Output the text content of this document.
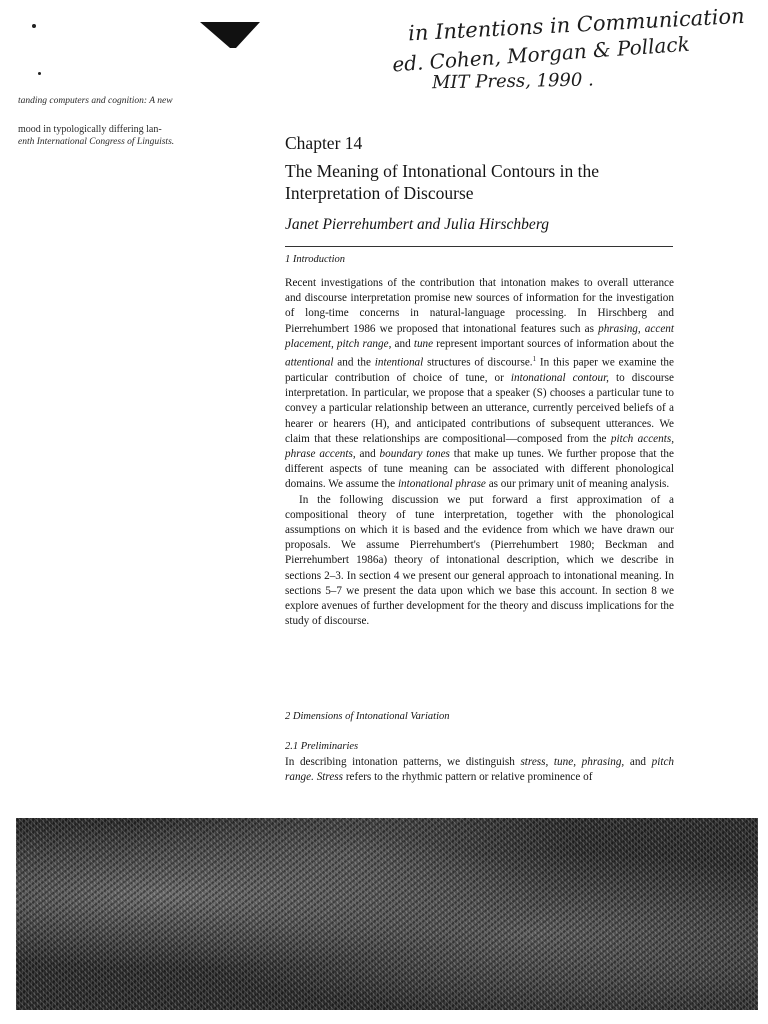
in Intentions in Communication
ed. Cohen, Morgan & Pollack
MIT Press, 1990 .
tanding computers and cognition: A new
mood in typologically differing lan-
enth International Congress of Linguists.	Chapter 14
The Meaning of Intonational Contours in the Interpretation of Discourse
Janet Pierrehumbert and Julia Hirschberg
1 Introduction

Recent investigations of the contribution that intonation makes to overall utterance and discourse interpretation promise new sources of information for the investigation of long-time concerns in natural-language processing. In Hirschberg and Pierrehumbert 1986 we proposed that intonational features such as phrasing, accent placement, pitch range, and tune represent important sources of information about the attentional and the intentional structures of discourse.$^1$ In this paper we examine the particular contribution of choice of tune, or intonational contour, to discourse interpretation. In particular, we propose that a speaker (S) chooses a particular tune to convey a particular relationship between an utterance, currently perceived beliefs of a hearer or hearers (H), and anticipated contributions of subsequent utterances. We claim that these relationships are compositional—composed from the pitch accents, phrase accents, and boundary tones that make up tunes. We further propose that the different aspects of tune meaning can be associated with different phonological domains. We assume the intonational phrase as our primary unit of meaning analysis.

In the following discussion we put forward a first approximation of a compositional theory of tune interpretation, together with the phonological assumptions on which it is based and the evidence from which we have drawn our proposals. We assume Pierrehumbert's (Pierrehumbert 1980; Beckman and Pierrehumbert 1986a) theory of intonational description, which we describe in sections 2–3. In section 4 we present our general approach to intonational meaning. In sections 5–7 we present the data upon which we base this account. In section 8 we explore avenues of further development for the theory and discuss implications for the study of discourse.

2 Dimensions of Intonational Variation
2.1 Preliminaries

In describing intonation patterns, we distinguish stress, tune, phrasing, and pitch range. Stress refers to the rhythmic pattern or relative prominence of
